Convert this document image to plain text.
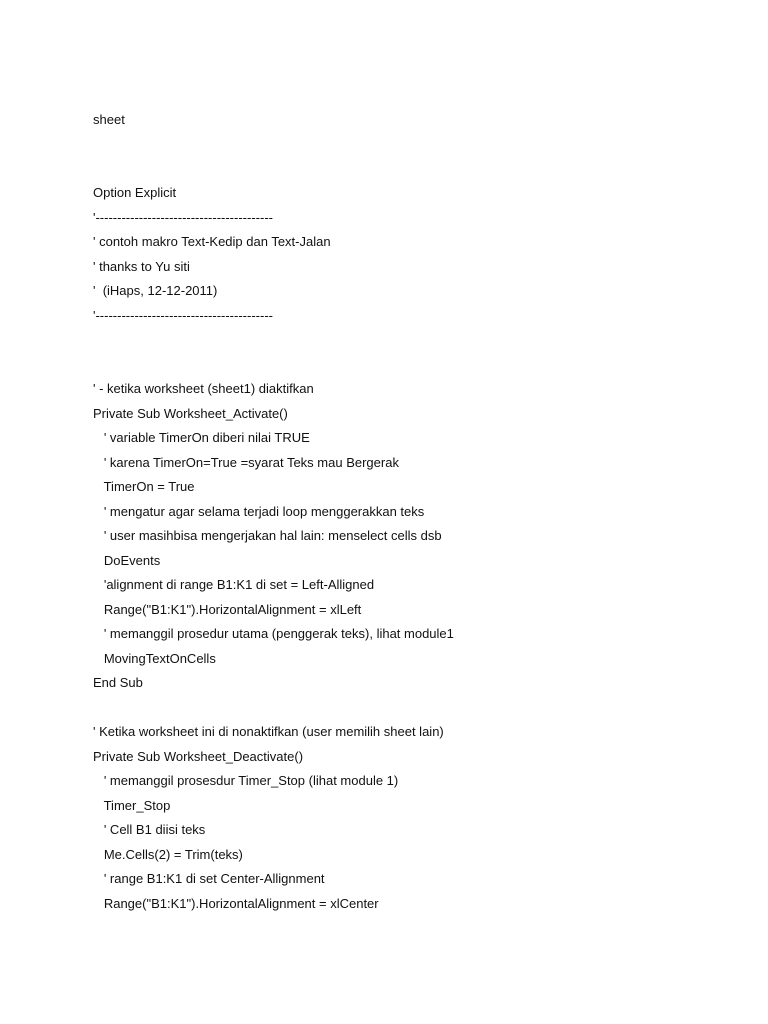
sheet

Option Explicit
'-----------------------------------------
' contoh makro Text-Kedip dan Text-Jalan
' thanks to Yu siti
'  (iHaps, 12-12-2011)
'-----------------------------------------
' - ketika worksheet (sheet1) diaktifkan
Private Sub Worksheet_Activate()
' variable TimerOn diberi nilai TRUE
' karena TimerOn=True =syarat Teks mau Bergerak
TimerOn = True
' mengatur agar selama terjadi loop menggerakkan teks
' user masihbisa mengerjakan hal lain: menselect cells dsb
DoEvents
'alignment di range B1:K1 di set = Left-Alligned
Range("B1:K1").HorizontalAlignment = xlLeft
' memanggil prosedur utama (penggerak teks), lihat module1
MovingTextOnCells
End Sub
' Ketika worksheet ini di nonaktifkan (user memilih sheet lain)
Private Sub Worksheet_Deactivate()
' memanggil prosesdur Timer_Stop (lihat module 1)
Timer_Stop
' Cell B1 diisi teks
Me.Cells(2) = Trim(teks)
' range B1:K1 di set Center-Allignment
Range("B1:K1").HorizontalAlignment = xlCenter
